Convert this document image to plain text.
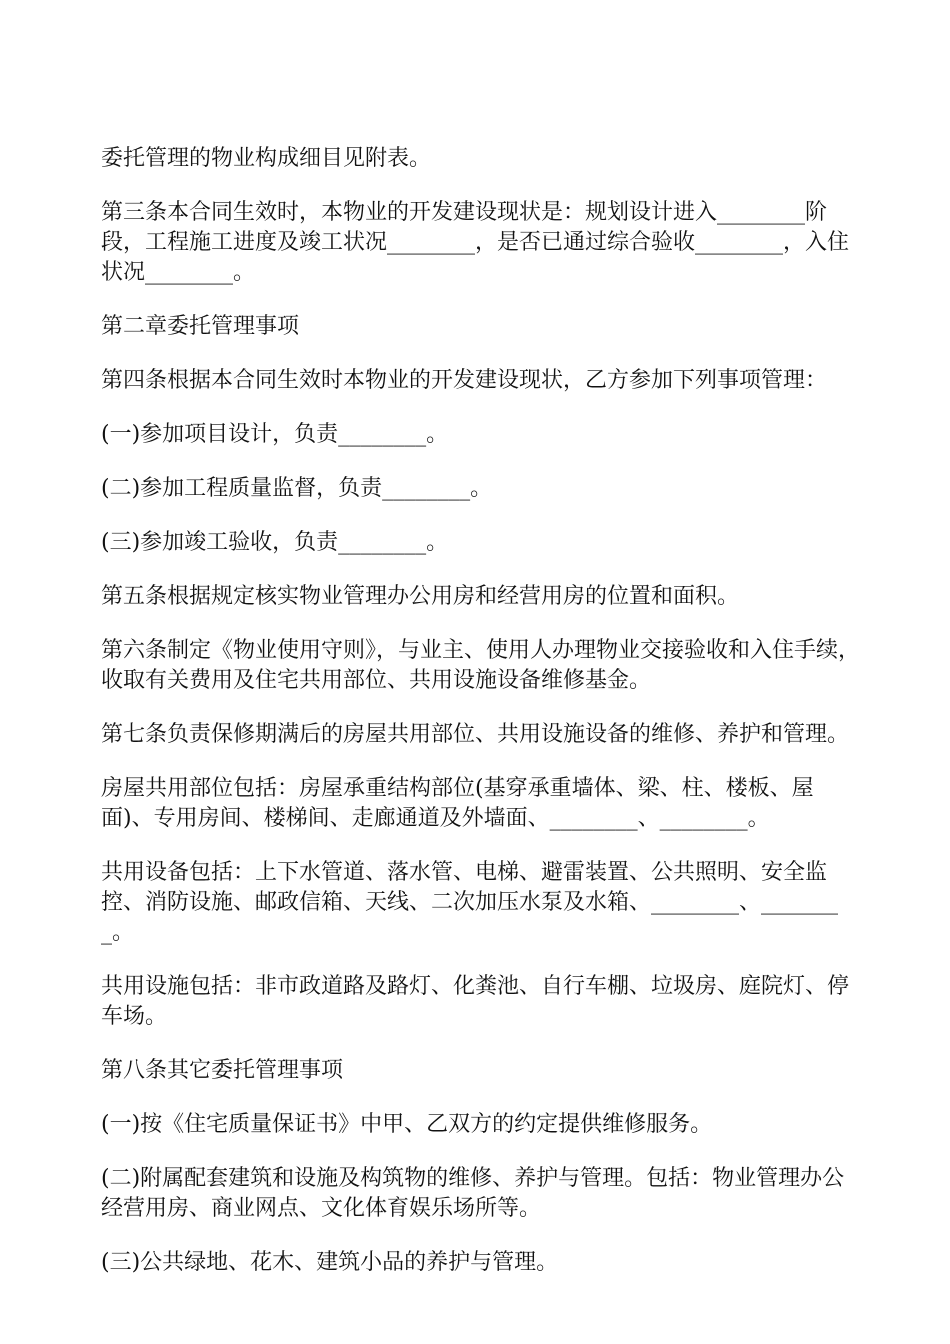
委托管理的物业构成细目见附表。

第三条本合同生效时，本物业的开发建设现状是：规划设计进入________阶段，工程施工进度及竣工状况________，是否已通过综合验收________，入住状况________。

第二章委托管理事项

第四条根据本合同生效时本物业的开发建设现状，乙方参加下列事项管理：

(一)参加项目设计，负责________。

(二)参加工程质量监督，负责________。

(三)参加竣工验收，负责________。

第五条根据规定核实物业管理办公用房和经营用房的位置和面积。

第六条制定《物业使用守则》，与业主、使用人办理物业交接验收和入住手续，收取有关费用及住宅共用部位、共用设施设备维修基金。

第七条负责保修期满后的房屋共用部位、共用设施设备的维修、养护和管理。

房屋共用部位包括：房屋承重结构部位(基穿承重墙体、梁、柱、楼板、屋面)、专用房间、楼梯间、走廊通道及外墙面、________、________。

共用设备包括：上下水管道、落水管、电梯、避雷装置、公共照明、安全监控、消防设施、邮政信箱、天线、二次加压水泵及水箱、________、________。

共用设施包括：非市政道路及路灯、化粪池、自行车棚、垃圾房、庭院灯、停车场。

第八条其它委托管理事项

(一)按《住宅质量保证书》中甲、乙双方的约定提供维修服务。

(二)附属配套建筑和设施及构筑物的维修、养护与管理。包括：物业管理办公经营用房、商业网点、文化体育娱乐场所等。

(三)公共绿地、花木、建筑小品的养护与管理。
